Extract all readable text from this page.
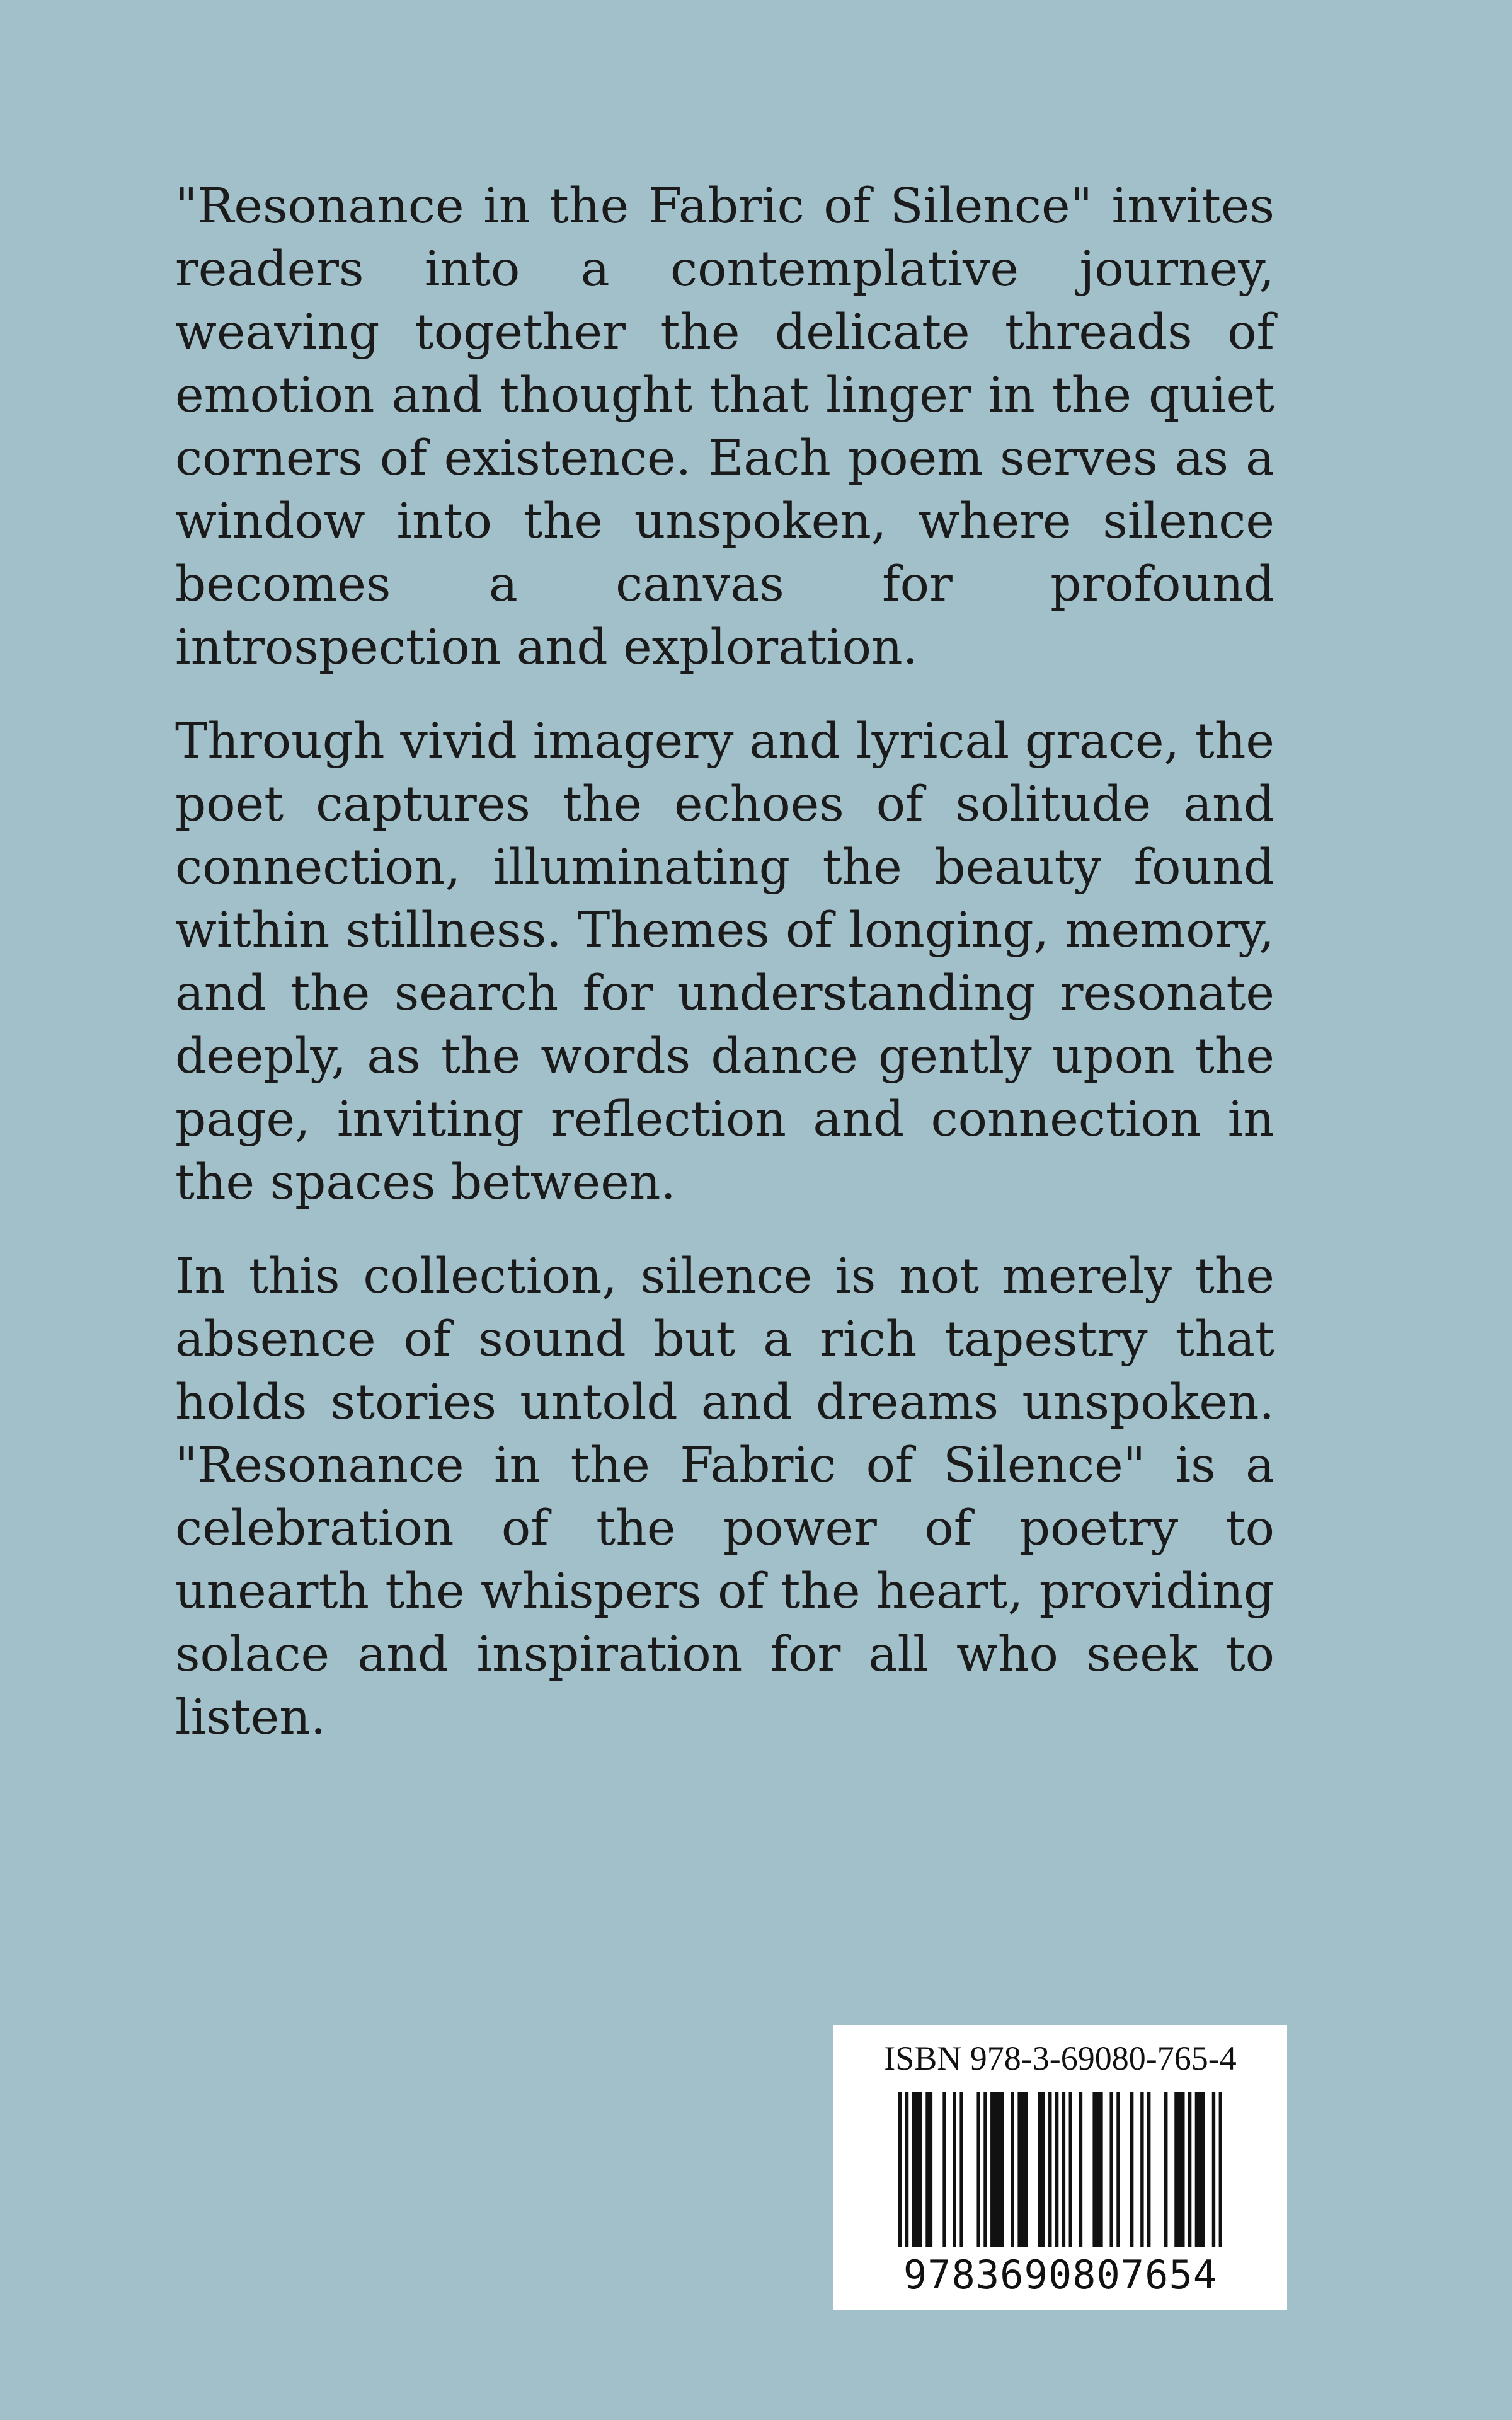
"Resonance in the Fabric of Silence" invites readers into a contemplative journey, weaving together the delicate threads of emotion and thought that linger in the quiet corners of existence. Each poem serves as a window into the unspoken, where silence becomes a canvas for profound introspection and exploration.

Through vivid imagery and lyrical grace, the poet captures the echoes of solitude and connection, illuminating the beauty found within stillness. Themes of longing, memory, and the search for understanding resonate deeply, as the words dance gently upon the page, inviting reflection and connection in the spaces between.

In this collection, silence is not merely the absence of sound but a rich tapestry that holds stories untold and dreams unspoken. "Resonance in the Fabric of Silence" is a celebration of the power of poetry to unearth the whispers of the heart, providing solace and inspiration for all who seek to listen.

ISBN 978-3-69080-765-4
9783690807654
